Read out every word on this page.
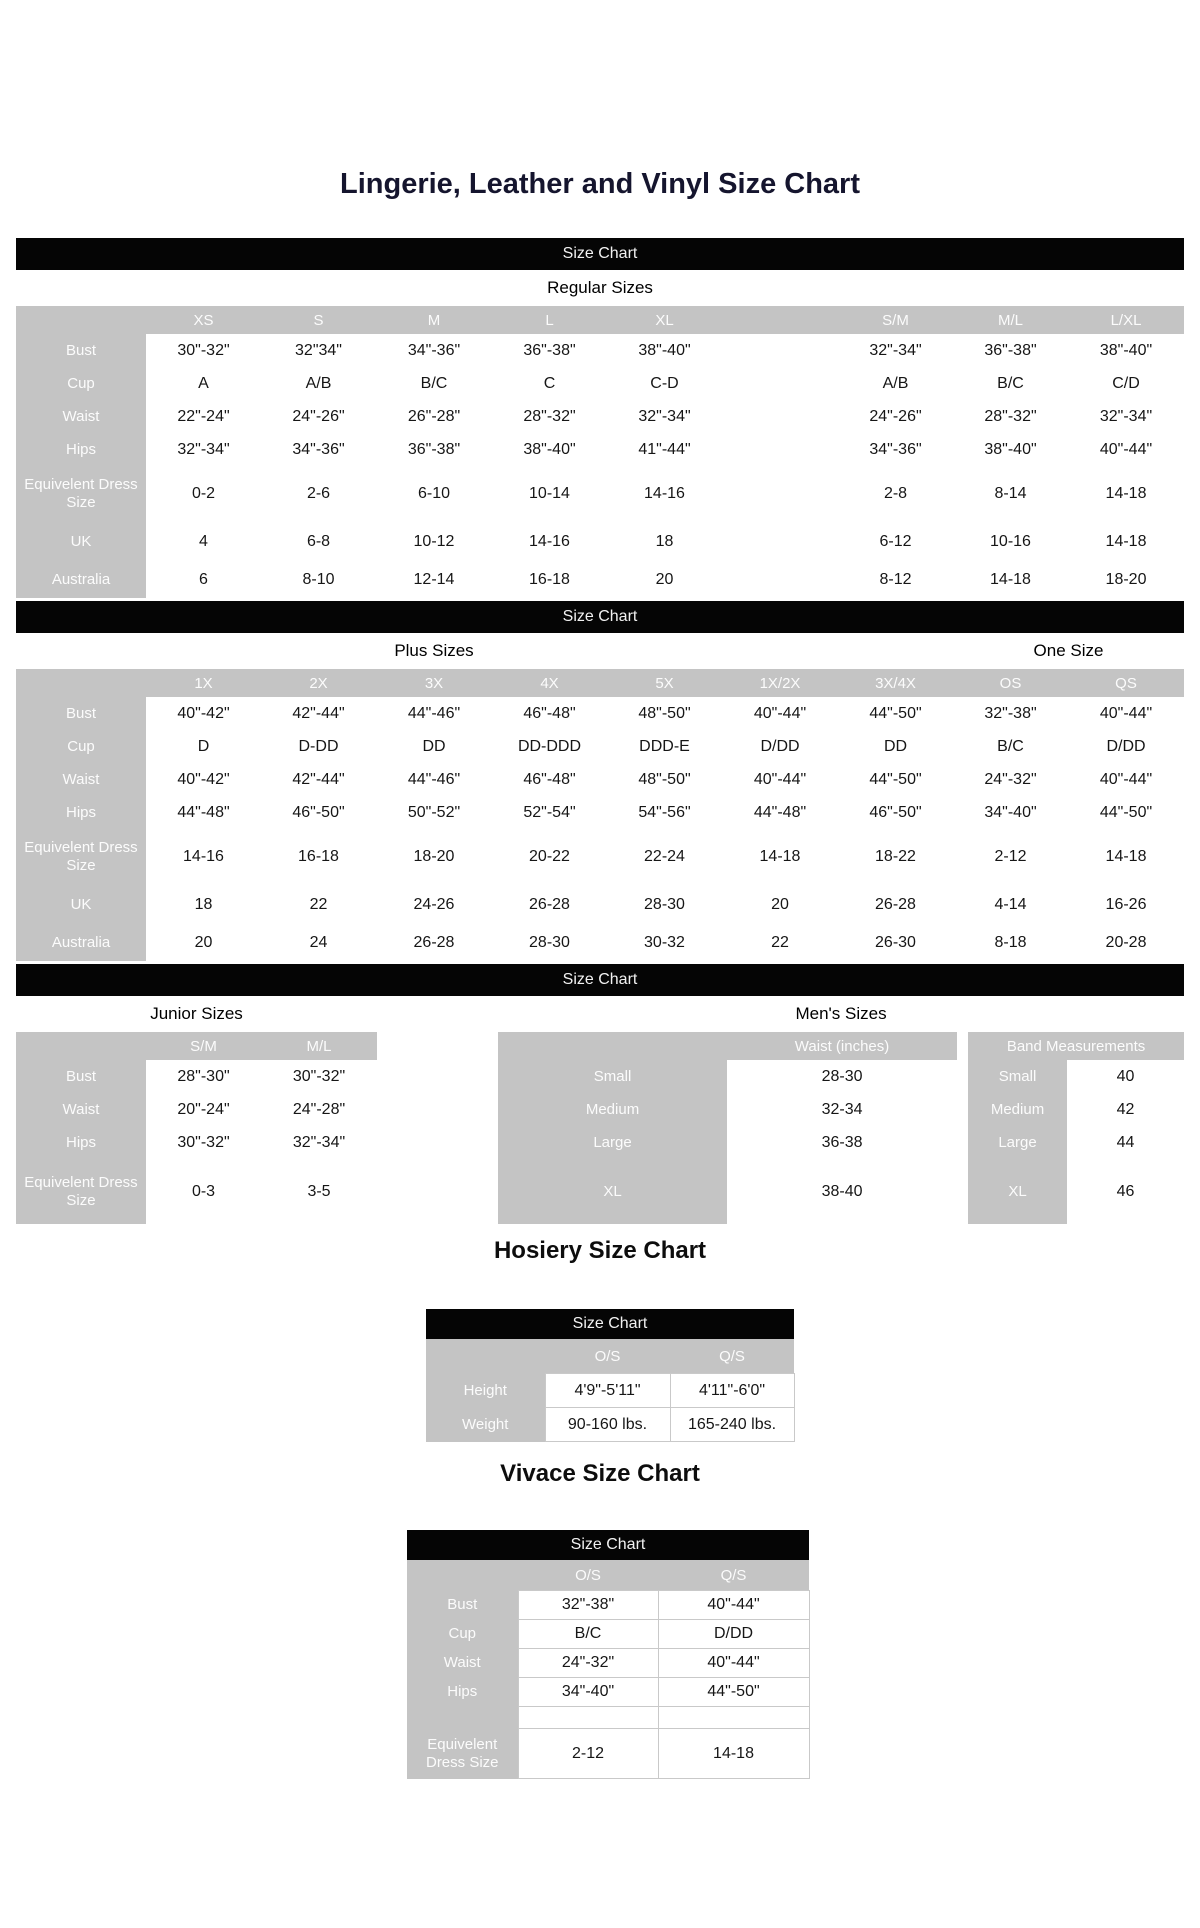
Lingerie, Leather and Vinyl Size Chart
Size Chart									
Regular Sizes									
	XS	S	M	L	XL		S/M	M/L	L/XL
Bust	30"-32"	32"34"	34"-36"	36"-38"	38"-40"		32"-34"	36"-38"	38"-40"
Cup	A	A/B	B/C	C	C-D		A/B	B/C	C/D
Waist	22"-24"	24"-26"	26"-28"	28"-32"	32"-34"		24"-26"	28"-32"	32"-34"
Hips	32"-34"	34"-36"	36"-38"	38"-40"	41"-44"		34"-36"	38"-40"	40"-44"
Equivelent Dress Size	0-2	2-6	6-10	10-14	14-16		2-8	8-14	14-18
UK	4	6-8	10-12	14-16	18		6-12	10-16	14-18
Australia	6	8-10	12-14	16-18	20		8-12	14-18	18-20
Size Chart									
	Plus Sizes							One Size	
	1X	2X	3X	4X	5X	1X/2X	3X/4X	OS	QS
Bust	40"-42"	42"-44"	44"-46"	46"-48"	48"-50"	40"-44"	44"-50"	32"-38"	40"-44"
Cup	D	D-DD	DD	DD-DDD	DDD-E	D/DD	DD	B/C	D/DD
Waist	40"-42"	42"-44"	44"-46"	46"-48"	48"-50"	40"-44"	44"-50"	24"-32"	40"-44"
Hips	44"-48"	46"-50"	50"-52"	52"-54"	54"-56"	44"-48"	46"-50"	34"-40"	44"-50"
Equivelent Dress Size	14-16	16-18	18-20	20-22	22-24	14-18	18-22	2-12	14-18
UK	18	22	24-26	26-28	28-30	20	26-28	4-14	16-26
Australia	20	24	26-28	28-30	30-32	22	26-30	8-18	20-28
Size Chart
Junior Sizes		
	S/M	M/L
Bust	28"-30"	30"-32"
Waist	20"-24"	24"-28"
Hips	30"-32"	32"-34"
Equivelent Dress Size	0-3	3-5
Men's Sizes				
	Waist (inches)		Band Measurements	
Small	28-30		Small	40
Medium	32-34		Medium	42
Large	36-38		Large	44
XL	38-40		XL	46
Hosiery Size Chart
Size Chart		
	O/S	Q/S
Height	4'9"-5'11"	4'11"-6'0"
Weight	90-160 lbs.	165-240 lbs.
Vivace Size Chart
Size Chart		
	O/S	Q/S
Bust	32"-38"	40"-44"
Cup	B/C	D/DD
Waist	24"-32"	40"-44"
Hips	34"-40"	44"-50"

Equivelent Dress Size	2-12	14-18
